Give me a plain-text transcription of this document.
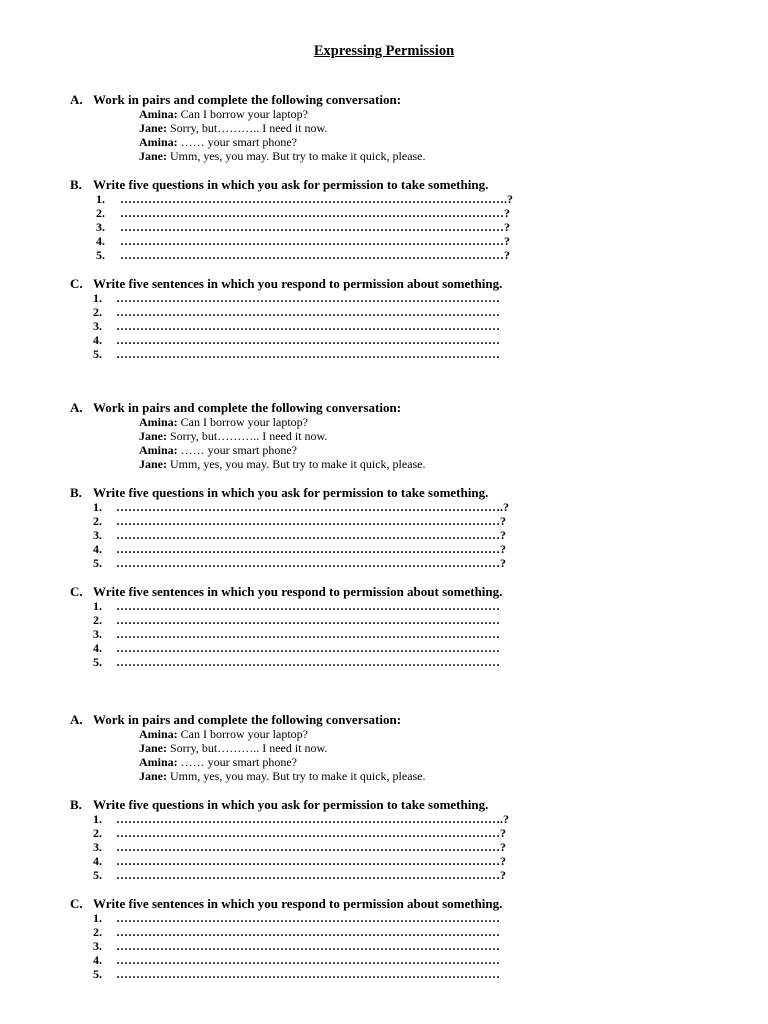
Expressing Permission
A. Work in pairs and complete the following conversation:
Amina: Can I borrow your laptop?
Jane: Sorry, but……….. I need it now.
Amina: …… your smart phone?
Jane: Umm, yes, you may. But try to make it quick, please.
B. Write five questions in which you ask for permission to take something.
1. …………………………………………………………………………………….?
2. ……………………………………………………………………………………?
3. ……………………………………………………………………………………?
4. ……………………………………………………………………………………?
5. ……………………………………………………………………………………?
C. Write five sentences in which you respond to permission about something.
1. ……………………………………………………………………………………
2. ……………………………………………………………………………………
3. ……………………………………………………………………………………
4. ……………………………………………………………………………………
5. ……………………………………………………………………………………
A. Work in pairs and complete the following conversation:
Amina: Can I borrow your laptop?
Jane: Sorry, but……….. I need it now.
Amina: …… your smart phone?
Jane: Umm, yes, you may. But try to make it quick, please.
B. Write five questions in which you ask for permission to take something.
1. …………………………………………………………………………………….?
2. ……………………………………………………………………………………?
3. ……………………………………………………………………………………?
4. ……………………………………………………………………………………?
5. ……………………………………………………………………………………?
C. Write five sentences in which you respond to permission about something.
1. ……………………………………………………………………………………
2. ……………………………………………………………………………………
3. ……………………………………………………………………………………
4. ……………………………………………………………………………………
5. ……………………………………………………………………………………
A. Work in pairs and complete the following conversation:
Amina: Can I borrow your laptop?
Jane: Sorry, but……….. I need it now.
Amina: …… your smart phone?
Jane: Umm, yes, you may. But try to make it quick, please.
B. Write five questions in which you ask for permission to take something.
1. …………………………………………………………………………………….?
2. ……………………………………………………………………………………?
3. ……………………………………………………………………………………?
4. ……………………………………………………………………………………?
5. ……………………………………………………………………………………?
C. Write five sentences in which you respond to permission about something.
1. ……………………………………………………………………………………
2. ……………………………………………………………………………………
3. ……………………………………………………………………………………
4. ……………………………………………………………………………………
5. ……………………………………………………………………………………
